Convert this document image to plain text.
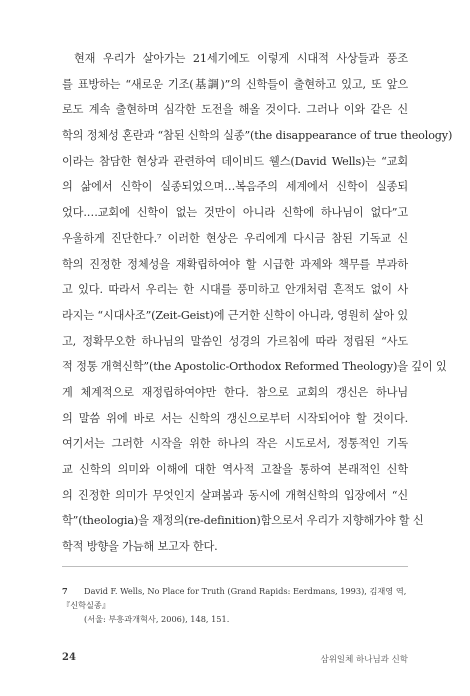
현재 우리가 살아가는 21세기에도 이렇게 시대적 사상들과 풍조
를 표방하는 “새로운 기조(基調)”의 신학들이 출현하고 있고, 또 앞으
로도 계속 출현하며 심각한 도전을 해올 것이다. 그러나 이와 같은 신
학의 정체성 혼란과 “참된 신학의 실종”(the disappearance of true theology)
이라는 참담한 현상과 관련하여 데이비드 웰스(David Wells)는 “교회
의 삶에서 신학이 실종되었으며…복음주의 세계에서 신학이 실종되
었다.…교회에 신학이 없는 것만이 아니라 신학에 하나님이 없다”고
우울하게 진단한다.⁷ 이러한 현상은 우리에게 다시금 참된 기독교 신
학의 진정한 정체성을 재확립하여야 할 시급한 과제와 책무를 부과하
고 있다. 따라서 우리는 한 시대를 풍미하고 안개처럼 흔적도 없이 사
라지는 “시대사조”(Zeit-Geist)에 근거한 신학이 아니라, 영원히 살아 있
고, 정확무오한 하나님의 말씀인 성경의 가르침에 따라 정립된 “사도
적 정통 개혁신학”(the Apostolic-Orthodox Reformed Theology)을 깊이 있
게 체계적으로 재정립하여야만 한다. 참으로 교회의 갱신은 하나님
의 말씀 위에 바로 서는 신학의 갱신으로부터 시작되어야 할 것이다.
여기서는 그러한 시작을 위한 하나의 작은 시도로서, 정통적인 기독
교 신학의 의미와 이해에 대한 역사적 고찰을 통하여 본래적인 신학
의 진정한 의미가 무엇인지 살펴봄과 동시에 개혁신학의 입장에서 “신
학”(theologia)을 재정의(re-definition)함으로서 우리가 지향해가야 할 신
학적 방향을 가늠해 보고자 한다.
7 David F. Wells, No Place for Truth (Grand Rapids: Eerdmans, 1993), 김재영 역, 『신학실종』
(서울: 부흥과개혁사, 2006), 148, 151.
24	삼위일체 하나님과 신학
